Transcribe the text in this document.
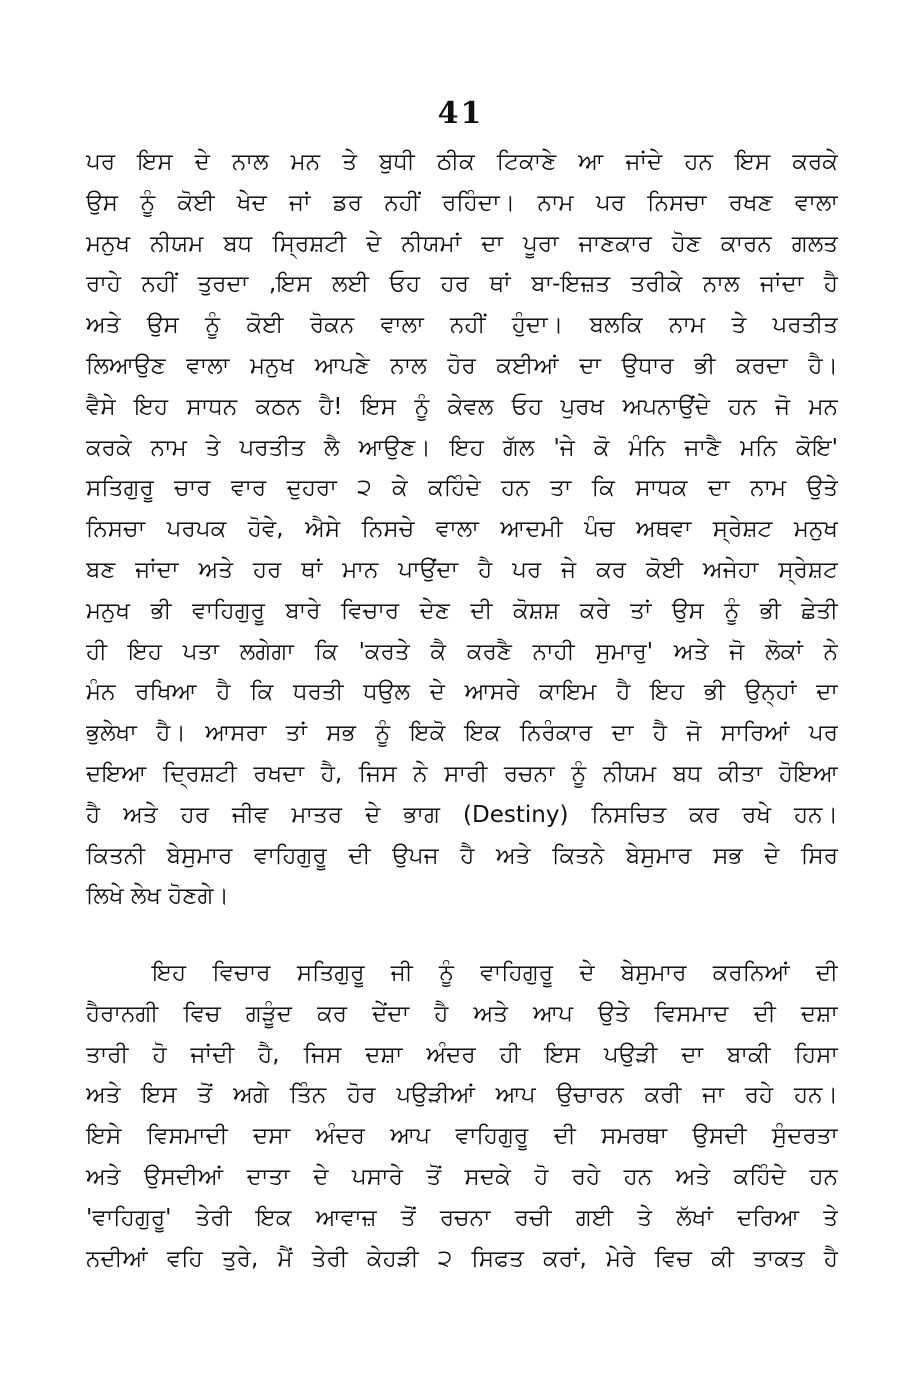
41
ਪਰ ਇਸ ਦੇ ਨਾਲ ਮਨ ਤੇ ਬੁਧੀ ਠੀਕ ਟਿਕਾਣੇ ਆ ਜਾਂਦੇ ਹਨ ਇਸ ਕਰਕੇ
ਉਸ ਨੂੰ ਕੋਈ ਖੇਦ ਜਾਂ ਡਰ ਨਹੀਂ ਰਹਿੰਦਾ। ਨਾਮ ਪਰ ਨਿਸਚਾ ਰਖਣ ਵਾਲਾ
ਮਨੁਖ ਨੀਯਮ ਬਧ ਸ੍ਰਿਸ਼ਟੀ ਦੇ ਨੀਯਮਾਂ ਦਾ ਪੂਰਾ ਜਾਣਕਾਰ ਹੋਣ ਕਾਰਨ ਗਲਤ
ਰਾਹੇ ਨਹੀਂ ਤੁਰਦਾ ,ਇਸ ਲਈ ਓਹ ਹਰ ਥਾਂ ਬਾ-ਇਜ਼ਤ ਤਰੀਕੇ ਨਾਲ ਜਾਂਦਾ ਹੈ
ਅਤੇ ਉਸ ਨੂੰ ਕੋਈ ਰੋਕਨ ਵਾਲਾ ਨਹੀਂ ਹੁੰਦਾ। ਬਲਕਿ ਨਾਮ ਤੇ ਪਰਤੀਤ
ਲਿਆਉਣ ਵਾਲਾ ਮਨੁਖ ਆਪਣੇ ਨਾਲ ਹੋਰ ਕਈਆਂ ਦਾ ਉਧਾਰ ਭੀ ਕਰਦਾ ਹੈ।
ਵੈਸੇ ਇਹ ਸਾਧਨ ਕਠਨ ਹੈ! ਇਸ ਨੂੰ ਕੇਵਲ ਓਹ ਪੁਰਖ ਅਪਨਾਉਂਦੇ ਹਨ ਜੋ ਮਨ
ਕਰਕੇ ਨਾਮ ਤੇ ਪਰਤੀਤ ਲੈ ਆਉਣ। ਇਹ ਗੱਲ 'ਜੇ ਕੋ ਮੰਨਿ ਜਾਣੈ ਮਨਿ ਕੋਇ'
ਸਤਿਗੁਰੂ ਚਾਰ ਵਾਰ ਦੁਹਰਾ ੨ ਕੇ ਕਹਿੰਦੇ ਹਨ ਤਾ ਕਿ ਸਾਧਕ ਦਾ ਨਾਮ ਉਤੇ
ਨਿਸਚਾ ਪਰਪਕ ਹੋਵੇ, ਐਸੇ ਨਿਸਚੇ ਵਾਲਾ ਆਦਮੀ ਪੰਚ ਅਥਵਾ ਸ੍ਰੇਸ਼ਟ ਮਨੁਖ
ਬਣ ਜਾਂਦਾ ਅਤੇ ਹਰ ਥਾਂ ਮਾਨ ਪਾਉਂਦਾ ਹੈ ਪਰ ਜੇ ਕਰ ਕੋਈ ਅਜੇਹਾ ਸ੍ਰੇਸ਼ਟ
ਮਨੁਖ ਭੀ ਵਾਹਿਗੁਰੂ ਬਾਰੇ ਵਿਚਾਰ ਦੇਣ ਦੀ ਕੋਸ਼ਸ਼ ਕਰੇ ਤਾਂ ਉਸ ਨੂੰ ਭੀ ਛੇਤੀ
ਹੀ ਇਹ ਪਤਾ ਲਗੇਗਾ ਕਿ 'ਕਰਤੇ ਕੈ ਕਰਣੈ ਨਾਹੀ ਸੁਮਾਰੁ' ਅਤੇ ਜੋ ਲੋਕਾਂ ਨੇ
ਮੰਨ ਰਖਿਆ ਹੈ ਕਿ ਧਰਤੀ ਧਉਲ ਦੇ ਆਸਰੇ ਕਾਇਮ ਹੈ ਇਹ ਭੀ ਉਨ੍ਹਾਂ ਦਾ
ਭੁਲੇਖਾ ਹੈ। ਆਸਰਾ ਤਾਂ ਸਭ ਨੂੰ ਇਕੋ ਇਕ ਨਿਰੰਕਾਰ ਦਾ ਹੈ ਜੋ ਸਾਰਿਆਂ ਪਰ
ਦਇਆ ਦ੍ਰਿਸ਼ਟੀ ਰਖਦਾ ਹੈ, ਜਿਸ ਨੇ ਸਾਰੀ ਰਚਨਾ ਨੂੰ ਨੀਯਮ ਬਧ ਕੀਤਾ ਹੋਇਆ
ਹੈ ਅਤੇ ਹਰ ਜੀਵ ਮਾਤਰ ਦੇ ਭਾਗ (Destiny) ਨਿਸਚਿਤ ਕਰ ਰਖੇ ਹਨ।
ਕਿਤਨੀ ਬੇਸੁਮਾਰ ਵਾਹਿਗੁਰੂ ਦੀ ਉਪਜ ਹੈ ਅਤੇ ਕਿਤਨੇ ਬੇਸੁਮਾਰ ਸਭ ਦੇ ਸਿਰ
ਲਿਖੇ ਲੇਖ ਹੋਣਗੇ।
ਇਹ ਵਿਚਾਰ ਸਤਿਗੁਰੂ ਜੀ ਨੂੰ ਵਾਹਿਗੁਰੂ ਦੇ ਬੇਸੁਮਾਰ ਕਰਨਿਆਂ ਦੀ
ਹੈਰਾਨਗੀ ਵਿਚ ਗੜੂੰਦ ਕਰ ਦੇਂਦਾ ਹੈ ਅਤੇ ਆਪ ਉਤੇ ਵਿਸਮਾਦ ਦੀ ਦਸ਼ਾ
ਤਾਰੀ ਹੋ ਜਾਂਦੀ ਹੈ, ਜਿਸ ਦਸ਼ਾ ਅੰਦਰ ਹੀ ਇਸ ਪਉੜੀ ਦਾ ਬਾਕੀ ਹਿਸਾ
ਅਤੇ ਇਸ ਤੋਂ ਅਗੇ ਤਿੰਨ ਹੋਰ ਪਉੜੀਆਂ ਆਪ ਉਚਾਰਨ ਕਰੀ ਜਾ ਰਹੇ ਹਨ।
ਇਸੇ ਵਿਸਮਾਦੀ ਦਸਾ ਅੰਦਰ ਆਪ ਵਾਹਿਗੁਰੂ ਦੀ ਸਮਰਥਾ ਉਸਦੀ ਸੁੰਦਰਤਾ
ਅਤੇ ਉਸਦੀਆਂ ਦਾਤਾ ਦੇ ਪਸਾਰੇ ਤੋਂ ਸਦਕੇ ਹੋ ਰਹੇ ਹਨ ਅਤੇ ਕਹਿੰਦੇ ਹਨ
'ਵਾਹਿਗੁਰੂ' ਤੇਰੀ ਇਕ ਆਵਾਜ਼ ਤੋਂ ਰਚਨਾ ਰਚੀ ਗਈ ਤੇ ਲੱਖਾਂ ਦਰਿਆ ਤੇ
ਨਦੀਆਂ ਵਹਿ ਤੁਰੇ, ਮੈਂ ਤੇਰੀ ਕੇਹੜੀ ੨ ਸਿਫਤ ਕਰਾਂ, ਮੇਰੇ ਵਿਚ ਕੀ ਤਾਕਤ ਹੈ
